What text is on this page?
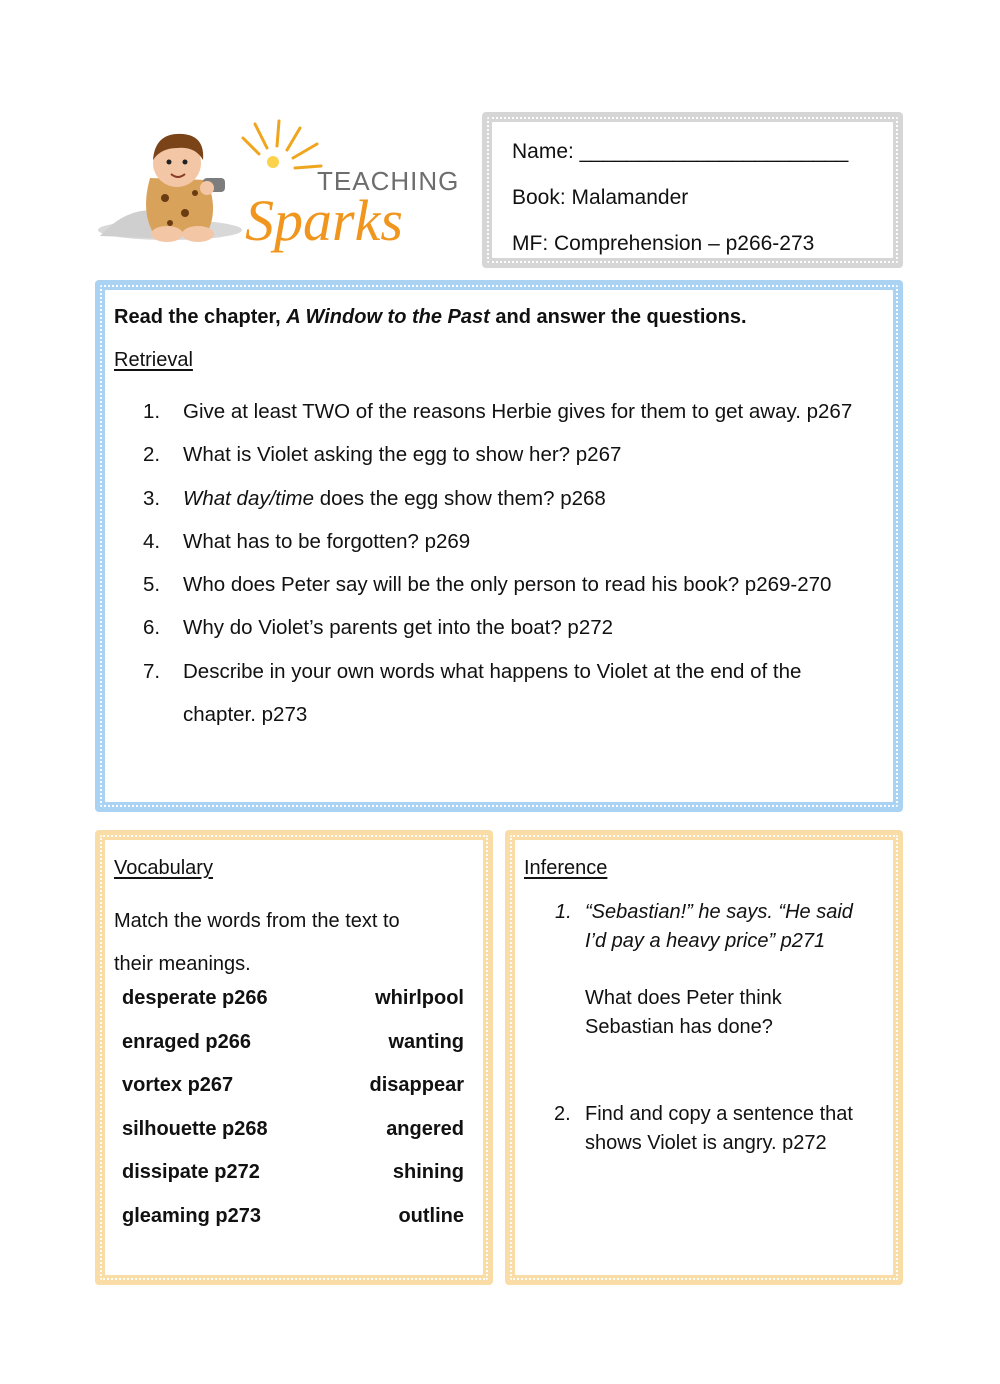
TEACHING
Sparks
Name: _______________________
Book: Malamander
MF: Comprehension – p266-273
Read the chapter, A Window to the Past and answer the questions.
Retrieval
1. Give at least TWO of the reasons Herbie gives for them to get away. p267
2. What is Violet asking the egg to show her? p267
3. What day/time does the egg show them? p268
4. What has to be forgotten? p269
5. Who does Peter say will be the only person to read his book? p269-270
6. Why do Violet’s parents get into the boat? p272
7. Describe in your own words what happens to Violet at the end of the
chapter. p273
Vocabulary
Match the words from the text to
their meanings.
desperate p266	whirlpool
enraged p266	wanting
vortex p267	disappear
silhouette p268	angered
dissipate p272	shining
gleaming p273	outline
Inference
1. “Sebastian!” he says. “He said
I’d pay a heavy price” p271
What does Peter think
Sebastian has done?
2. Find and copy a sentence that
shows Violet is angry. p272
